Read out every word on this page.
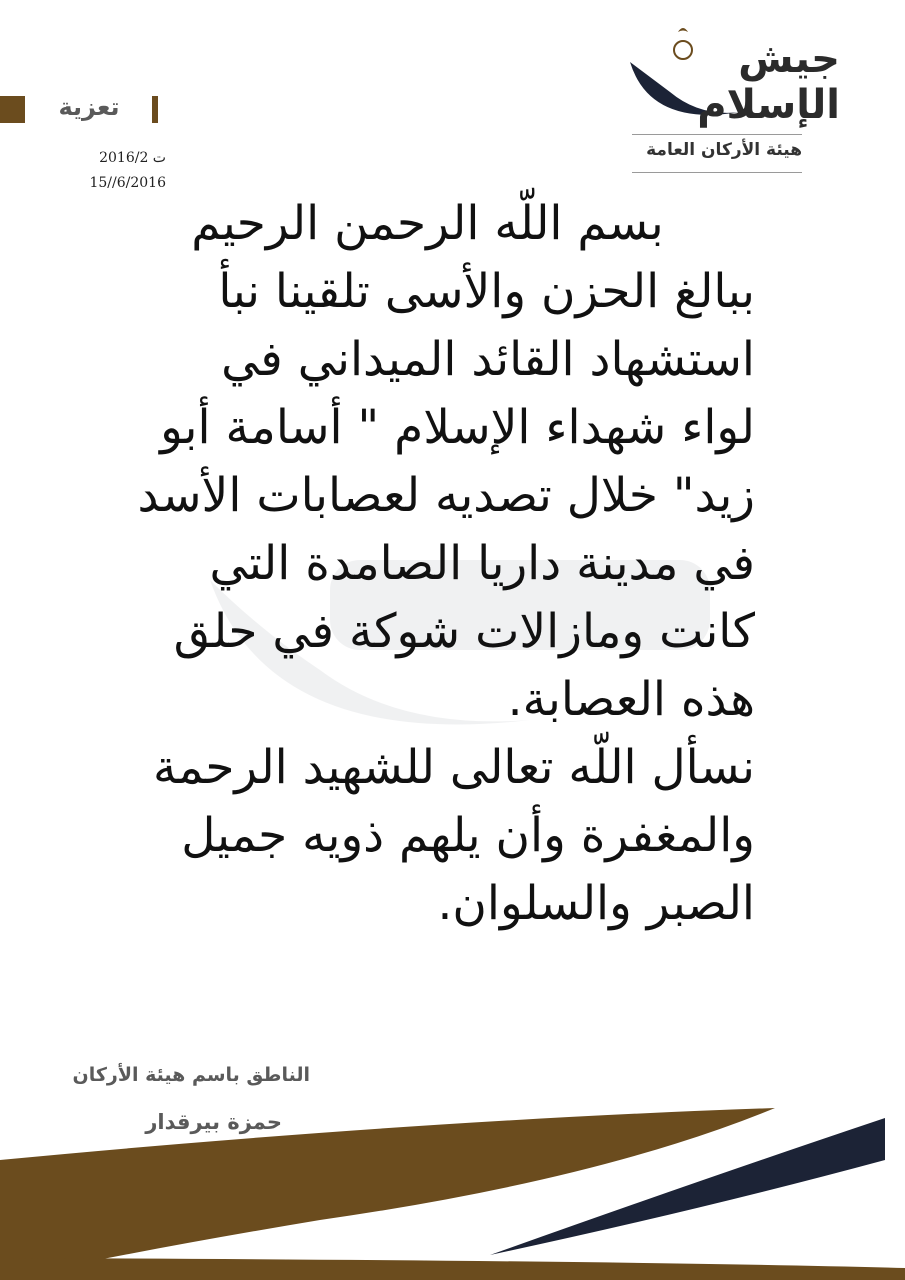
جيش الإسلام
هيئة الأركان العامة
تعزية
ت 2016/2
15//6/2016
بسم اللّه الرحمن الرحيم
ببالغ الحزن والأسى تلقينا نبأ
استشهاد القائد الميداني في
لواء شهداء الإسلام " أسامة أبو
زيد" خلال تصديه لعصابات الأسد
في مدينة داريا الصامدة التي
كانت ومازالات شوكة في حلق
هذه العصابة.
نسأل اللّه تعالى للشهيد الرحمة
والمغفرة وأن يلهم ذويه جميل
الصبر والسلوان.
الناطق باسم هيئة الأركان
حمزة بيرقدار
